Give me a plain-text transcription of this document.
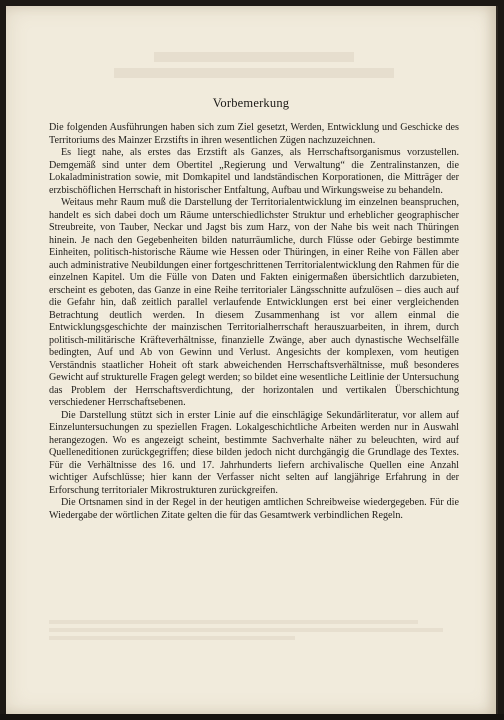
Vorbemerkung

Die folgenden Ausführungen haben sich zum Ziel gesetzt, Werden, Entwicklung und Geschicke des Territoriums des Mainzer Erzstifts in ihren wesentlichen Zügen nachzuzeichnen.

Es liegt nahe, als erstes das Erzstift als Ganzes, als Herrschaftsorganismus vorzustellen. Demgemäß sind unter dem Obertitel „Regierung und Verwaltung“ die Zentralinstanzen, die Lokaladministration sowie, mit Domkapitel und landständischen Korporationen, die Mitträger der erzbischöflichen Herrschaft in historischer Entfaltung, Aufbau und Wirkungsweise zu behandeln.

Weitaus mehr Raum muß die Darstellung der Territorialentwicklung im einzelnen beanspruchen, handelt es sich dabei doch um Räume unterschiedlichster Struktur und erheblicher geographischer Streubreite, von Tauber, Neckar und Jagst bis zum Harz, von der Nahe bis weit nach Thüringen hinein. Je nach den Gegebenheiten bilden naturräumliche, durch Flüsse oder Gebirge bestimmte Einheiten, politisch-historische Räume wie Hessen oder Thüringen, in einer Reihe von Fällen aber auch administrative Neubildungen einer fortgeschrittenen Territorialentwicklung den Rahmen für die einzelnen Kapitel. Um die Fülle von Daten und Fakten einigermaßen übersichtlich darzubieten, erscheint es geboten, das Ganze in eine Reihe territorialer Längsschnitte aufzulösen – dies auch auf die Gefahr hin, daß zeitlich parallel verlaufende Entwicklungen erst bei einer vergleichenden Betrachtung deutlich werden. In diesem Zusammenhang ist vor allem einmal die Entwicklungsgeschichte der mainzischen Territorialherrschaft herauszuarbeiten, in ihrem, durch politisch-militärische Kräfteverhältnisse, finanzielle Zwänge, aber auch dynastische Wechselfälle bedingten, Auf und Ab von Gewinn und Verlust. Angesichts der komplexen, vom heutigen Verständnis staatlicher Hoheit oft stark abweichenden Herrschaftsverhältnisse, muß besonderes Gewicht auf strukturelle Fragen gelegt werden; so bildet eine wesentliche Leitlinie der Untersuchung das Problem der Herrschaftsverdichtung, der horizontalen und vertikalen Überschichtung verschiedener Herrschaftsebenen.

Die Darstellung stützt sich in erster Linie auf die einschlägige Sekundärliteratur, vor allem auf Einzeluntersuchungen zu speziellen Fragen. Lokalgeschichtliche Arbeiten werden nur in Auswahl herangezogen. Wo es angezeigt scheint, bestimmte Sachverhalte näher zu beleuchten, wird auf Quelleneditionen zurückgegriffen; diese bilden jedoch nicht durchgängig die Grundlage des Textes. Für die Verhältnisse des 16. und 17. Jahrhunderts liefern archivalische Quellen eine Anzahl wichtiger Aufschlüsse; hier kann der Verfasser nicht selten auf langjährige Erfahrung in der Erforschung territorialer Mikrostrukturen zurückgreifen.

Die Ortsnamen sind in der Regel in der heutigen amtlichen Schreibweise wiedergegeben. Für die Wiedergabe der wörtlichen Zitate gelten die für das Gesamtwerk verbindlichen Regeln.
